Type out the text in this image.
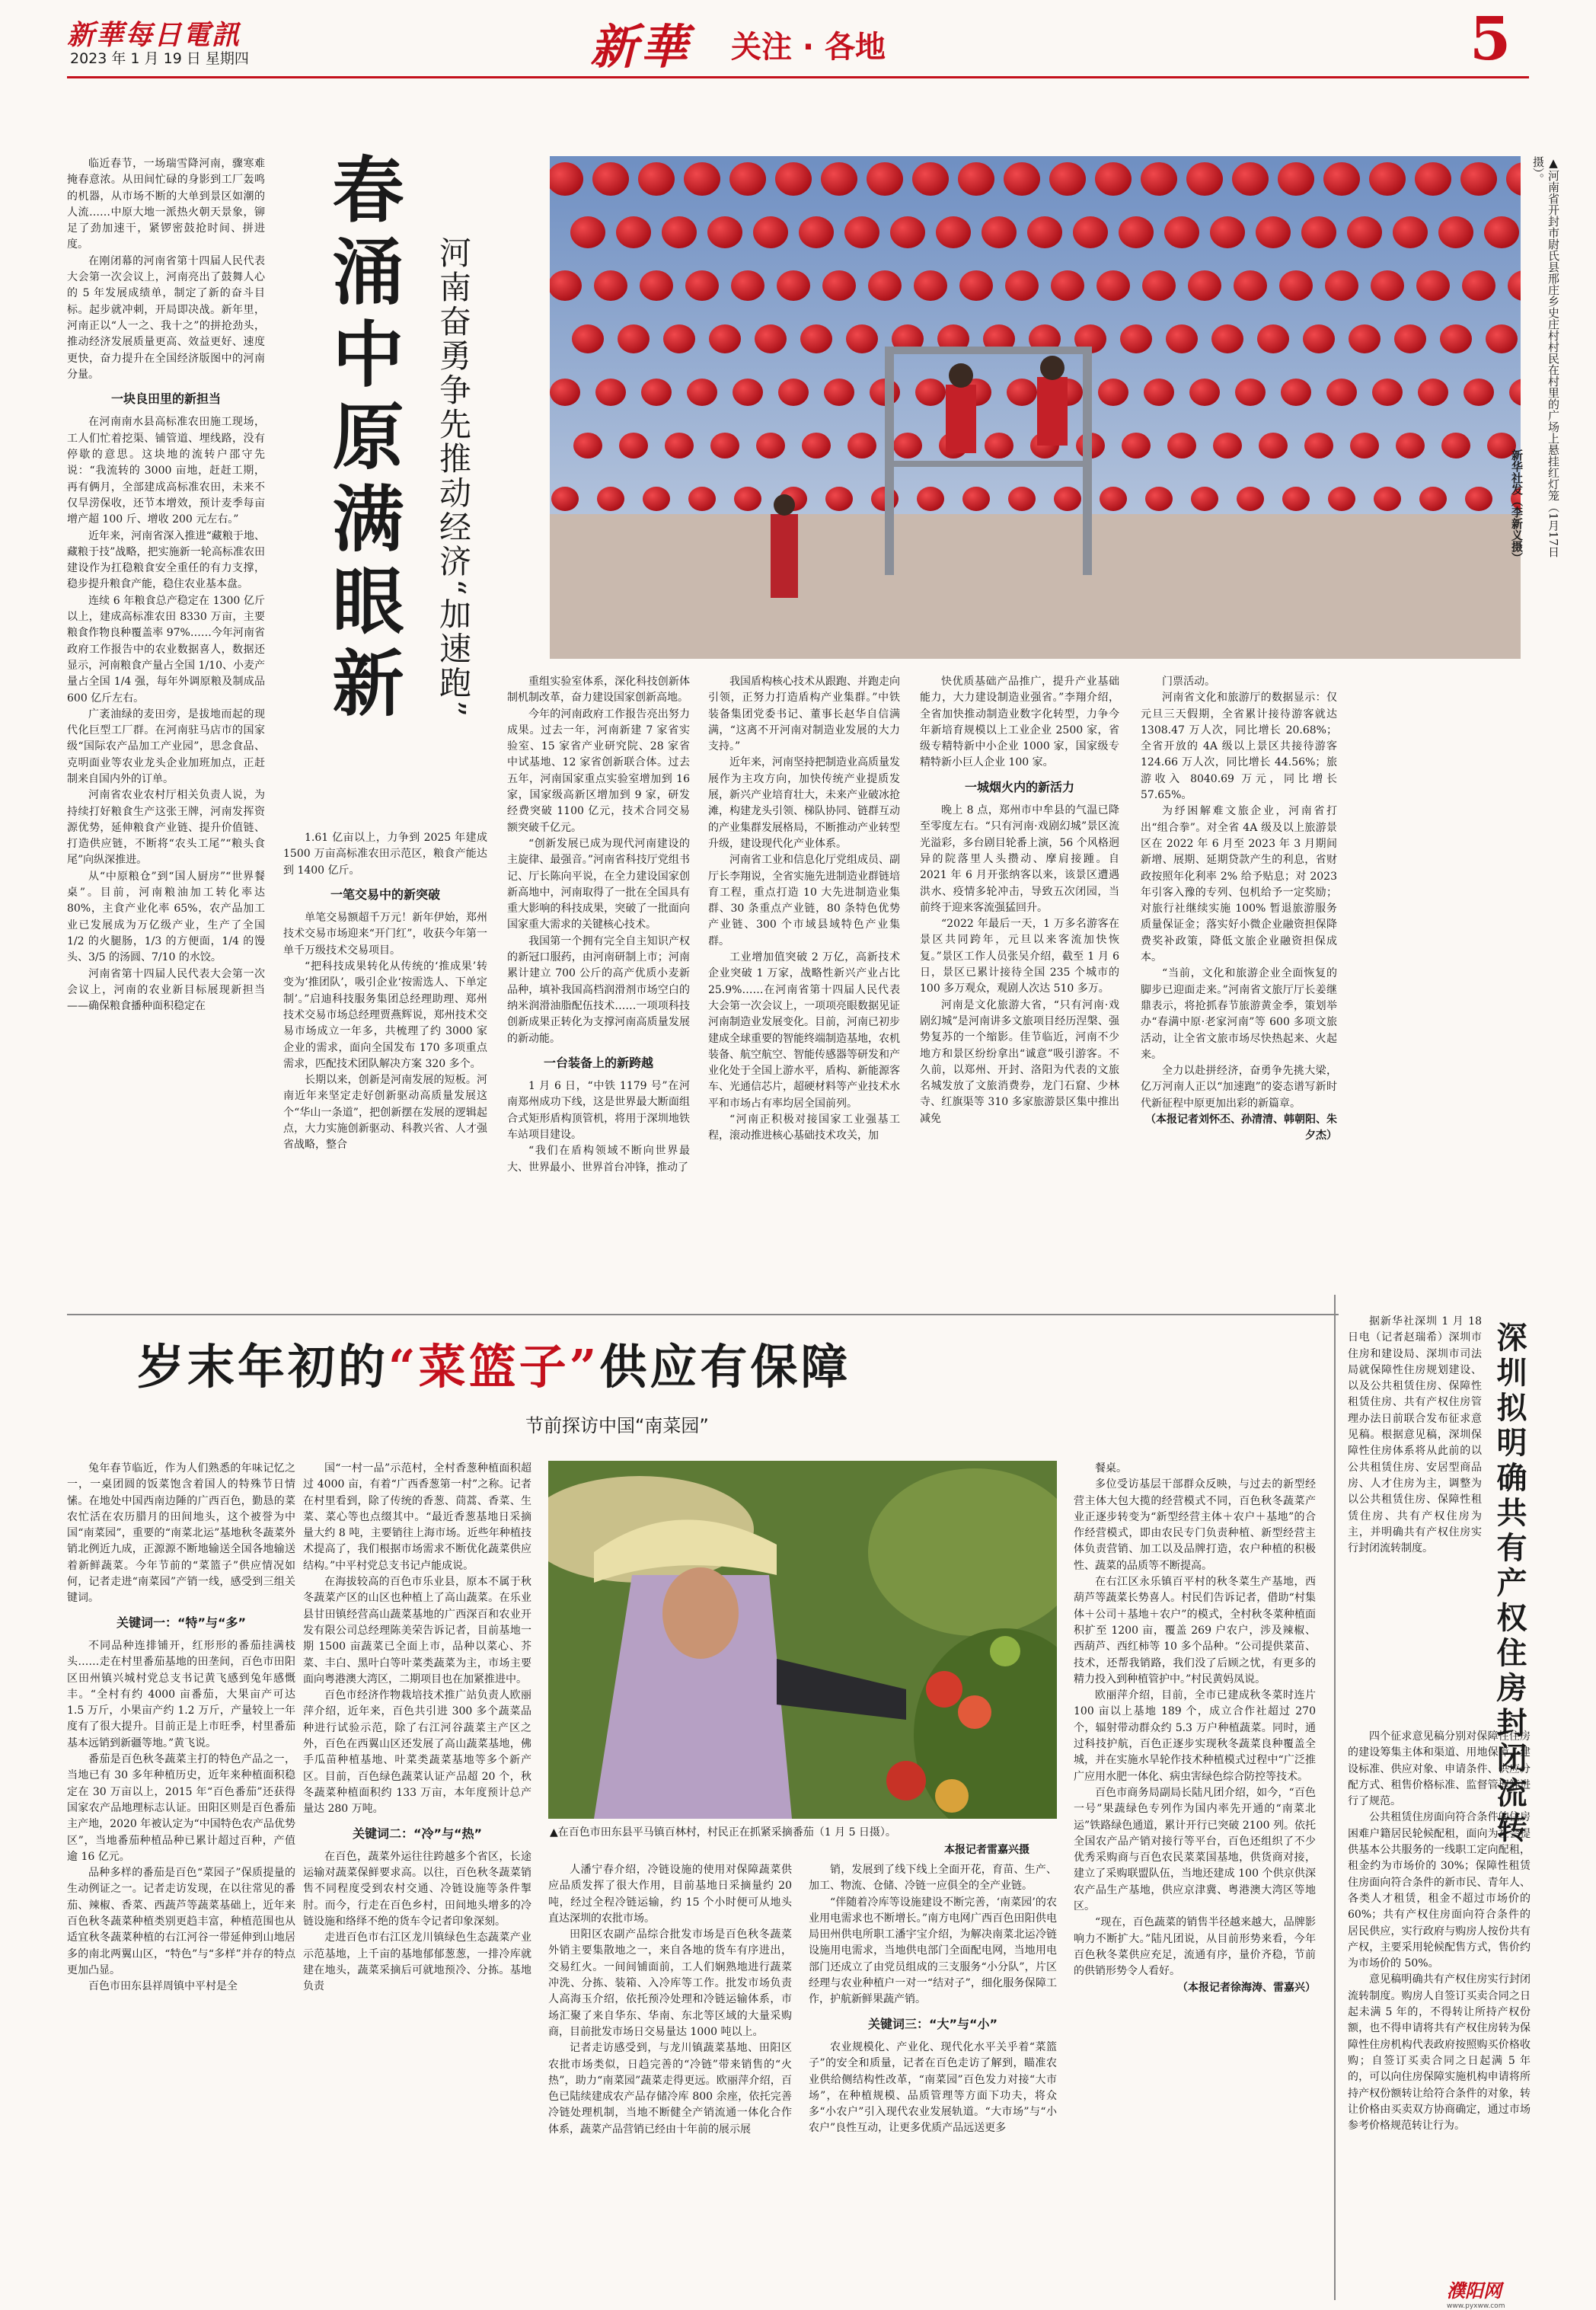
新華每日電訊
2023 年 1 月 19 日 星期四	新華 关注 · 各地	5

临近春节，一场瑞雪降河南，骤寒难掩春意浓。从田间忙碌的身影到工厂轰鸣的机器，从市场不断的大单到景区如潮的人流……中原大地一派热火朝天景象，铆足了劲加速干，紧锣密鼓抢时间、拼进度。

在刚闭幕的河南省第十四届人民代表大会第一次会议上，河南亮出了鼓舞人心的 5 年发展成绩单，制定了新的奋斗目标。起步就冲刺，开局即决战。新年里，河南正以“人一之、我十之”的拼抢劲头，推动经济发展质量更高、效益更好、速度更快，奋力提升在全国经济版图中的河南分量。

一块良田里的新担当

在河南南水县高标准农田施工现场，工人们忙着挖渠、铺管道、埋线路，没有停歇的意思。这块地的流转户邵守先说：“我流转的 3000 亩地，赶赶工期，再有俩月，全部建成高标准农田，未来不仅旱涝保收，还节本增效，预计麦季每亩增产超 100 斤、增收 200 元左右。”

近年来，河南省深入推进“藏粮于地、藏粮于技”战略，把实施新一轮高标准农田建设作为扛稳粮食安全重任的有力支撑，稳步提升粮食产能，稳住农业基本盘。

连续 6 年粮食总产稳定在 1300 亿斤以上，建成高标准农田 8330 万亩，主要粮食作物良种覆盖率 97%……今年河南省政府工作报告中的农业数据喜人，数据还显示，河南粮食产量占全国 1/10、小麦产量占全国 1/4 强，每年外调原粮及制成品 600 亿斤左右。

广袤油绿的麦田旁，是拔地而起的现代化巨型工厂群。在河南驻马店市的国家级“国际农产品加工产业园”，思念食品、克明面业等农业龙头企业加班加点，正赶制来自国内外的订单。

河南省农业农村厅相关负责人说，为持续打好粮食生产这张王牌，河南发挥资源优势，延伸粮食产业链、提升价值链、打造供应链，不断将“农头工尾”“粮头食尾”向纵深推进。

从“中原粮仓”到“国人厨房”“世界餐桌”。目前，河南粮油加工转化率达 80%，主食产业化率 65%，农产品加工业已发展成为万亿级产业，生产了全国 1/2 的火腿肠，1/3 的方便面，1/4 的馒头、3/5 的汤圆、7/10 的水饺。

河南省第十四届人民代表大会第一次会议上，河南的农业新目标展现新担当——确保粮食播种面积稳定在

春涌中原满眼新 河南奋勇争先推动经济“加速跑”	▲河南省开封市尉氏县邢庄乡史庄村村民在村里的广场上悬挂红灯笼（1月17日摄）。
新华社发（李新义摄）

1.61 亿亩以上，力争到 2025 年建成 1500 万亩高标准农田示范区，粮食产能达到 1400 亿斤。

一笔交易中的新突破

单笔交易额超千万元！新年伊始，郑州技术交易市场迎来“开门红”，收获今年第一单千万级技术交易项目。

“把科技成果转化从传统的‘推成果’转变为‘推团队’，吸引企业‘按需选人、下单定制’。”启迪科技服务集团总经理助理、郑州技术交易市场总经理贾燕辉说，郑州技术交易市场成立一年多，共梳理了约 3000 家企业的需求，面向全国发布 170 多项重点需求，匹配技术团队解决方案 320 多个。

长期以来，创新是河南发展的短板。河南近年来坚定走好创新驱动高质量发展这个“华山一条道”，把创新摆在发展的逻辑起点，大力实施创新驱动、科教兴省、人才强省战略，整合

重组实验室体系，深化科技创新体制机制改革，奋力建设国家创新高地。

今年的河南政府工作报告亮出努力成果。过去一年，河南新建 7 家省实验室、15 家省产业研究院、28 家省中试基地、12 家省创新联合体。过去五年，河南国家重点实验室增加到 16 家，国家级高新区增加到 9 家，研发经费突破 1100 亿元，技术合同交易额突破千亿元。

“创新发展已成为现代河南建设的主旋律、最强音。”河南省科技厅党组书记、厅长陈向平说，在全力建设国家创新高地中，河南取得了一批在全国具有重大影响的科技成果，突破了一批面向国家重大需求的关键核心技术。

我国第一个拥有完全自主知识产权的新冠口服药，由河南研制上市；河南累计建立 700 公斤的高产优质小麦新品种，填补我国高档润滑剂市场空白的纳米润滑油脂配伍技术……一项项科技创新成果正转化为支撑河南高质量发展的新动能。

一台装备上的新跨越

1 月 6 日，“中铁 1179 号”在河南郑州成功下线，这是世界最大断面组合式矩形盾构顶管机，将用于深圳地铁车站项目建设。

“我们在盾构领域不断向世界最大、世界最小、世界首台冲锋，推动了

我国盾构核心技术从跟跑、并跑走向引领，正努力打造盾构产业集群。”中铁装备集团党委书记、董事长赵华自信满满，“这离不开河南对制造业发展的大力支持。”

近年来，河南坚持把制造业高质量发展作为主攻方向，加快传统产业提质发展，新兴产业培育壮大，未来产业破冰抢滩，构建龙头引领、梯队协同、链群互动的产业集群发展格局，不断推动产业转型升级，建设现代化产业体系。

河南省工业和信息化厅党组成员、副厅长李翔说，全省实施先进制造业群链培育工程，重点打造 10 大先进制造业集群、30 条重点产业链，80 条特色优势产业链、300 个市域县域特色产业集群。

工业增加值突破 2 万亿，高新技术企业突破 1 万家，战略性新兴产业占比 25.9%……在河南省第十四届人民代表大会第一次会议上，一项项亮眼数据见证河南制造业发展变化。目前，河南已初步建成全球重要的智能终端制造基地，农机装备、航空航空、智能传感器等研发和产业化处于全国上游水平，盾构、新能源客车、光通信芯片，超硬材料等产业技术水平和市场占有率均居全国前列。

“河南正积极对接国家工业强基工程，滚动推进核心基础技术攻关，加

快优质基础产品推广，提升产业基础能力，大力建设制造业强省。”李翔介绍，全省加快推动制造业数字化转型，力争今年新培育规模以上工业企业 2500 家，省级专精特新中小企业 1000 家，国家级专精特新小巨人企业 100 家。

一城烟火内的新活力

晚上 8 点，郑州市中牟县的气温已降至零度左右。“只有河南·戏剧幻城”景区流光溢彩，多台剧目轮番上演，56 个风格迥异的院落里人头攒动、摩肩接踵。自 2021 年 6 月开张纳客以来，该景区遭遇洪水、疫情多轮冲击，导致五次闭园，当前终于迎来客流强猛回升。

“2022 年最后一天，1 万多名游客在景区共同跨年，元旦以来客流加快恢复。”景区工作人员张吴介绍，截至 1 月 6 日，景区已累计接待全国 235 个城市的 100 多万观众，观剧人次达 510 多万。

河南是文化旅游大省，“只有河南·戏剧幻城”是河南讲多文旅项目经历涅槃、强势复苏的一个缩影。佳节临近，河南不少地方和景区纷纷拿出“诚意”吸引游客。不久前，以郑州、开封、洛阳为代表的文旅名城发放了文旅消费券，龙门石窟、少林寺、红旗渠等 310 多家旅游景区集中推出减免

门票活动。

河南省文化和旅游厅的数据显示：仅元旦三天假期，全省累计接待游客就达 1308.47 万人次，同比增长 20.68%；全省开放的 4A 级以上景区共接待游客 124.66 万人次，同比增长 44.56%；旅游收入 8040.69 万元，同比增长 57.65%。

为纾困解难文旅企业，河南省打出“组合拳”。对全省 4A 级及以上旅游景区在 2022 年 6 月至 2023 年 3 月期间新增、展期、延期贷款产生的利息，省财政按照年化利率 2% 给予贴息；对 2023 年引客入豫的专列、包机给予一定奖励；对旅行社继续实施 100% 暂退旅游服务质量保证金；落实好小微企业融资担保降费奖补政策，降低文旅企业融资担保成本。

“当前，文化和旅游企业全面恢复的脚步已迎面走来。”河南省文旅厅厅长姜继鼎表示，将抢抓春节旅游黄金季，策划举办“春满中原·老家河南”等 600 多项文旅活动，让全省文旅市场尽快热起来、火起来。

全力以赴拼经济，奋勇争先挑大梁，亿万河南人正以“加速跑”的姿态谱写新时代新征程中原更加出彩的新篇章。

（本报记者刘怀丕、孙清清、韩朝阳、朱夕杰）

岁末年初的“菜篮子”供应有保障
节前探访中国“南菜园”

兔年春节临近，作为人们熟悉的年味记忆之一，一桌团圆的饭菜饱含着国人的特殊节日情愫。在地处中国西南边陲的广西百色，勤恳的菜农忙活在农历腊月的田间地头，这个被誉为中国“南菜园”，重要的“南菜北运”基地秋冬蔬菜外销北例近九成，正源源不断地输送全国各地输送着新鲜蔬菜。今年节前的“菜篮子”供应情况如何，记者走进“南菜园”产销一线，感受到三组关键词。

关键词一：“特”与“多”

不同品种连排铺开，红形形的番茄挂满枝头……走在村里番茄基地的田垄间，百色市田阳区田州镇兴城村党总支书记黄飞感到兔年感慨丰。“全村有约 4000 亩番茄，大果亩产可达 1.5 万斤，小果亩产约 1.2 万斤，产量较上一年度有了很大提升。目前正是上市旺季，村里番茄基本远销到新疆等地。”黄飞说。

番茄是百色秋冬蔬菜主打的特色产品之一，当地已有 30 多年种植历史，近年来种植面积稳定在 30 万亩以上，2015 年“百色番茄”还获得国家农产品地理标志认证。田阳区则是百色番茄主产地，2020 年被认定为“中国特色农产品优势区”，当地番茄种植品种已累计超过百种，产值逾 16 亿元。

品种多样的番茄是百色“菜园子”保质提量的生动例证之一。记者走访发现，在以往常见的番茄、辣椒、香菜、西蔬芦等蔬菜基础上，近年来百色秋冬蔬菜种植类别更趋丰富，种植范围也从适宜秋冬蔬菜种植的右江河谷一带延伸到山地居多的南北两翼山区，“特色”与“多样”并存的特点更加凸显。

百色市田东县祥周镇中平村是全

▲在百色市田东县平马镇百林村，村民正在抓紧采摘番茄（1 月 5 日摄）。
本报记者雷嘉兴摄

国“一村一品”示范村，全村香葱种植面积超过 4000 亩，有着“广西香葱第一村”之称。记者在村里看到，除了传统的香葱、茼蒿、香菜、生菜、菜心等也点缀其中。“最近香葱基地日采摘量大约 8 吨，主要销往上海市场。近些年种植技术提高了，我们根据市场需求不断优化蔬菜供应结构。”中平村党总支书记卢能成说。

在海拔较高的百色市乐业县，原本不属于秋冬蔬菜产区的山区也种植上了高山蔬菜。在乐业县甘田镇经营高山蔬菜基地的广西深百和农业开发有限公司总经理陈美荣告诉记者，目前基地一期 1500 亩蔬菜已全面上市，品种以菜心、芥菜、丰白、黑叶白等叶菜类蔬菜为主，市场主要面向粤港澳大湾区，二期项目也在加紧推进中。

百色市经济作物栽培技术推广站负责人欧丽萍介绍，近年来，百色共引进 300 多个蔬菜品种进行试验示范，除了右江河谷蔬菜主产区之外，百色在西翼山区还发展了高山蔬菜基地，佛手瓜苗种植基地、叶菜类蔬菜基地等多个新产区。目前，百色绿色蔬菜认证产品超 20 个，秋冬蔬菜种植面积约 133 万亩，本年度预计总产量达 280 万吨。

关键词二：“冷”与“热”

在百色，蔬菜外运往往跨越多个省区，长途运输对蔬菜保鲜要求高。以往，百色秋冬蔬菜销售不同程度受到农村交通、冷链设施等条件掣肘。而今，行走在百色乡村，田间地头增多的冷链设施和络绎不绝的货车令记者印象深刻。

走进百色市右江区龙川镇绿色生态蔬菜产业示范基地，上千亩的基地郁郁葱葱，一排冷库就建在地头，蔬菜采摘后可就地预冷、分拣。基地负责

人潘宁春介绍，冷链设施的使用对保障蔬菜供应品质发挥了很大作用，目前基地日采摘量约 20 吨，经过全程冷链运输，约 15 个小时便可从地头直达深圳的农批市场。

田阳区农副产品综合批发市场是百色秋冬蔬菜外销主要集散地之一，来自各地的货车有序进出，交易红火。一间间铺面前，工人们娴熟地进行蔬菜冲洗、分拣、装箱、入冷库等工作。批发市场负责人高海玉介绍，依托预冷处理和冷链运输体系，市场汇聚了来自华东、华南、东北等区域的大量采购商，目前批发市场日交易量达 1000 吨以上。

记者走访感受到，与龙川镇蔬菜基地、田阳区农批市场类似，日趋完善的“冷链”带来销售的“火热”，助力“南菜园”蔬菜走得更远。欧丽萍介绍，百色已陆续建成农产品存储冷库 800 余座，依托完善冷链处理机制，当地不断健全产销流通一体化合作体系，蔬菜产品营销已经由十年前的展示展

销，发展到了线下线上全面开花，育苗、生产、加工、物流、仓储、冷链一应俱全的全产业链。

“伴随着冷库等设施建设不断完善，‘南菜园’的农业用电需求也不断增长。”南方电网广西百色田阳供电局田州供电所职工潘宇宝介绍，为解决南菜北运冷链设施用电需求，当地供电部门全面配电网，当地用电部门还成立了由党员组成的三支服务“小分队”，片区经理与农业种植户一对一“结对子”，细化服务保障工作，护航新鲜果蔬产销。

关键词三：“大”与“小”

农业规模化、产业化、现代化水平关乎着“菜篮子”的安全和质量，记者在百色走访了解到，瞄准农业供给侧结构性改革，“南菜园”百色发力对接“大市场”，在种植规模、品质管理等方面下功夫，将众多“小农户”引入现代农业发展轨道。“大市场”与“小农户”良性互动，让更多优质产品远送更多

餐桌。

多位受访基层干部群众反映，与过去的新型经营主体大包大揽的经营模式不同，百色秋冬蔬菜产业正逐步转变为“新型经营主体＋农户＋基地”的合作经营模式，即由农民专门负责种植、新型经营主体负责营销、加工以及品牌打造，农户种植的积极性、蔬菜的品质等不断提高。

在右江区永乐镇百平村的秋冬菜生产基地，西葫芦等蔬菜长势喜人。村民们告诉记者，借助“村集体＋公司＋基地＋农户”的模式，全村秋冬菜种植面积扩至 1200 亩，覆盖 269 户农户，涉及辣椒、西葫芦、西红柿等 10 多个品种。“公司提供菜苗、技术，还帮我销路，我们没了后顾之忧，有更多的精力投入到种植管护中。”村民黄妈凤说。

欧丽萍介绍，目前，全市已建成秋冬菜时连片 100 亩以上基地 189 个，成立合作社超过 270 个，辐射带动群众约 5.3 万户种植蔬菜。同时，通过科技护航，百色正逐步实现秋冬蔬菜良种覆盖全城，并在实施水旱轮作技术种植模式过程中“广泛推广应用水肥一体化、病虫害绿色综合防控等技术。

百色市商务局副局长陆凡团介绍，如今，“百色一号”果蔬绿色专列作为国内率先开通的“南菜北运”铁路绿色通道，累计开行已突破 2100 列。依托全国农产品产销对接行等平台，百色还组织了不少优秀采购商与百色农民菜菜国基地，供货商对接，建立了采购联盟队伍，当地还建成 100 个供京供深农产品生产基地，供应京津冀、粤港澳大湾区等地区。

“现在，百色蔬菜的销售半径越来越大，品牌影响力不断扩大。”陆凡团说，从目前形势来看，今年百色秋冬菜供应充足，流通有序，量价齐稳，节前的供销形势令人看好。

（本报记者徐海涛、雷嘉兴）

据新华社深圳 1 月 18 日电（记者赵瑞希）深圳市住房和建设局、深圳市司法局就保障性住房规划建设、以及公共租赁住房、保障性租赁住房、共有产权住房管理办法日前联合发布征求意见稿。根据意见稿，深圳保障性住房体系将从此前的以公共租赁住房、安居型商品房、人才住房为主，调整为以公共租赁住房、保障性租赁住房、共有产权住房为主，并明确共有产权住房实行封闭流转制度。	深圳拟明确共有产权住房封闭流转

四个征求意见稿分别对保障性住房的建设筹集主体和渠道、用地保障、建设标准、供应对象、申请条件、供应分配方式、租售价格标准、监督管理等进行了规范。

公共租赁住房面向符合条件的住房困难户籍居民轮候配租，面向为社会提供基本公共服务的一线职工定向配租，租金约为市场价的 30%；保障性租赁住房面向符合条件的新市民、青年人、各类人才租赁，租金不超过市场价的 60%；共有产权住房面向符合条件的居民供应，实行政府与购房人按份共有产权，主要采用轮候配售方式，售价约为市场价的 50%。

意见稿明确共有产权住房实行封闭流转制度。购房人自签订买卖合同之日起未满 5 年的，不得转让所持产权份额，也不得申请将共有产权住房转为保障性住房机构代表政府按照购买价格收购；自签订买卖合同之日起满 5 年的，可以向住房保障实施机构申请将所持产权份额转让给符合条件的对象，转让价格由买卖双方协商确定，通过市场参考价格规范转让行为。

濮阳网
www.pyxww.com
